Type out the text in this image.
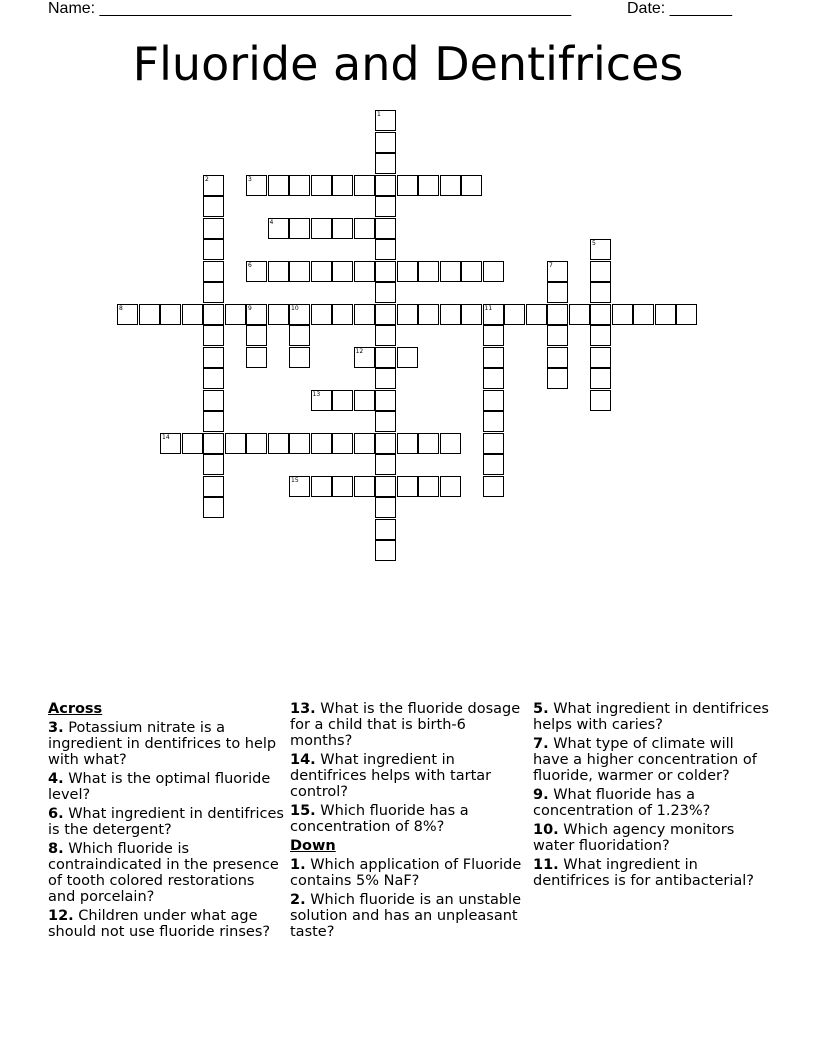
Name: _____________________________________________________	Date: _______
Fluoride and Dentifrices
1
2	3
4
5
6	7
8	9	10	11
12
13
14
15
Across
3. Potassium nitrate is a ingredient in dentifrices to help with what?
4. What is the optimal fluoride level?
6. What ingredient in dentifrices is the detergent?
8. Which fluoride is contraindicated in the presence of tooth colored restorations and porcelain?
12. Children under what age should not use fluoride rinses?
13. What is the fluoride dosage for a child that is birth-6 months?
14. What ingredient in dentifrices helps with tartar control?
15. Which fluoride has a concentration of 8%?
Down
1. Which application of Fluoride contains 5% NaF?
2. Which fluoride is an unstable solution and has an unpleasant taste?
5. What ingredient in dentifrices helps with caries?
7. What type of climate will have a higher concentration of fluoride, warmer or colder?
9. What fluoride has a concentration of 1.23%?
10. Which agency monitors water fluoridation?
11. What ingredient in dentifrices is for antibacterial?
